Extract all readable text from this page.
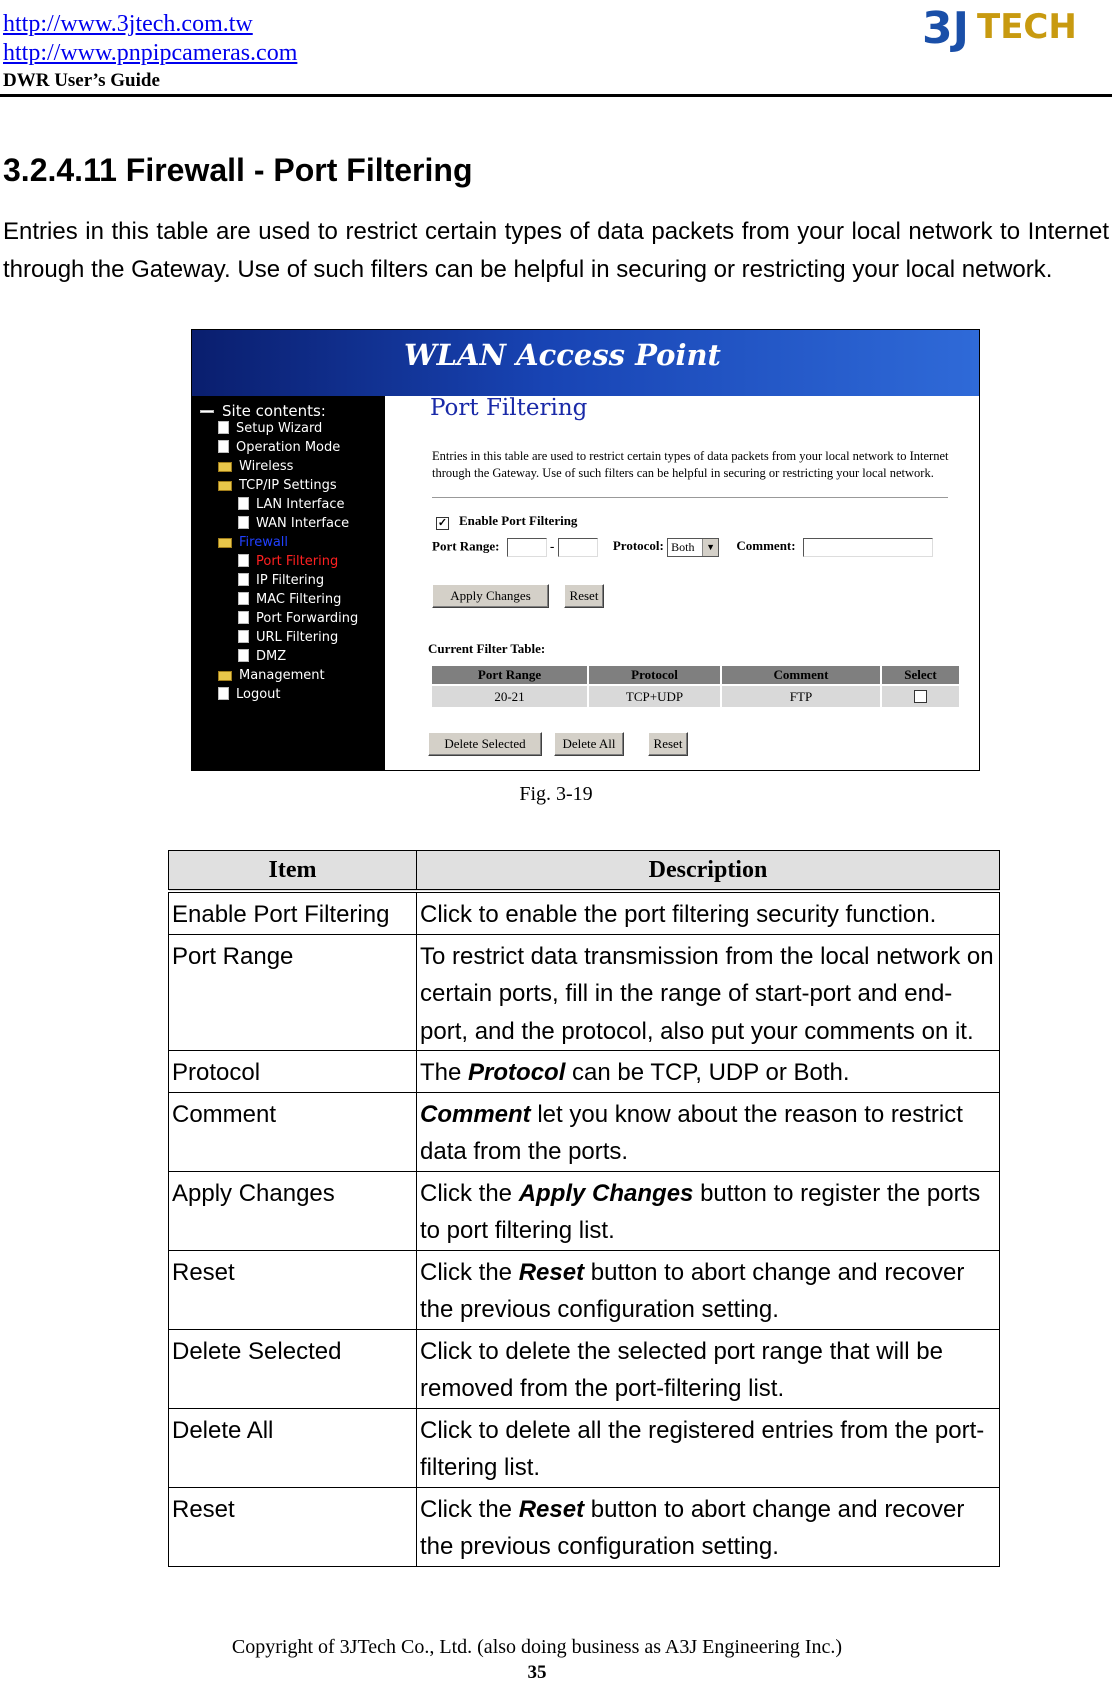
http://www.3jtech.com.tw
http://www.pnpipcameras.com
DWR User’s Guide
3J TECH
3.2.4.11 Firewall - Port Filtering

Entries in this table are used to restrict certain types of data packets from your local network to Internet through the Gateway. Use of such filters can be helpful in securing or restricting your local network.

WLAN Access Point
Site contents:
Setup Wizard
Operation Mode
Wireless
TCP/IP Settings
LAN Interface
WAN Interface
Firewall
Port Filtering
IP Filtering
MAC Filtering
Port Forwarding
URL Filtering
DMZ
Management
Logout
Port Filtering
Entries in this table are used to restrict certain types of data packets from your local network to Internet through the Gateway. Use of such filters can be helpful in securing or restricting your local network.
✓ Enable Port Filtering
Port Range:	-	Protocol: Both	▼ Comment:
Apply Changes	Reset
Current Filter Table:
Port Range	Protocol	Comment	Select
20-21	TCP+UDP	FTP	
Delete Selected	Delete All	Reset
Fig. 3-19
Item	Description
Enable Port Filtering	Click to enable the port filtering security function.
Port Range	To restrict data transmission from the local network on certain ports, fill in the range of start-port and end-port, and the protocol, also put your comments on it.
Protocol	The Protocol can be TCP, UDP or Both.
Comment	Comment let you know about the reason to restrict data from the ports.
Apply Changes	Click the Apply Changes button to register the ports to port filtering list.
Reset	Click the Reset button to abort change and recover the previous configuration setting.
Delete Selected	Click to delete the selected port range that will be removed from the port-filtering list.
Delete All	Click to delete all the registered entries from the port-filtering list.
Reset	Click the Reset button to abort change and recover the previous configuration setting.
Copyright of 3JTech Co., Ltd. (also doing business as A3J Engineering Inc.)
35
